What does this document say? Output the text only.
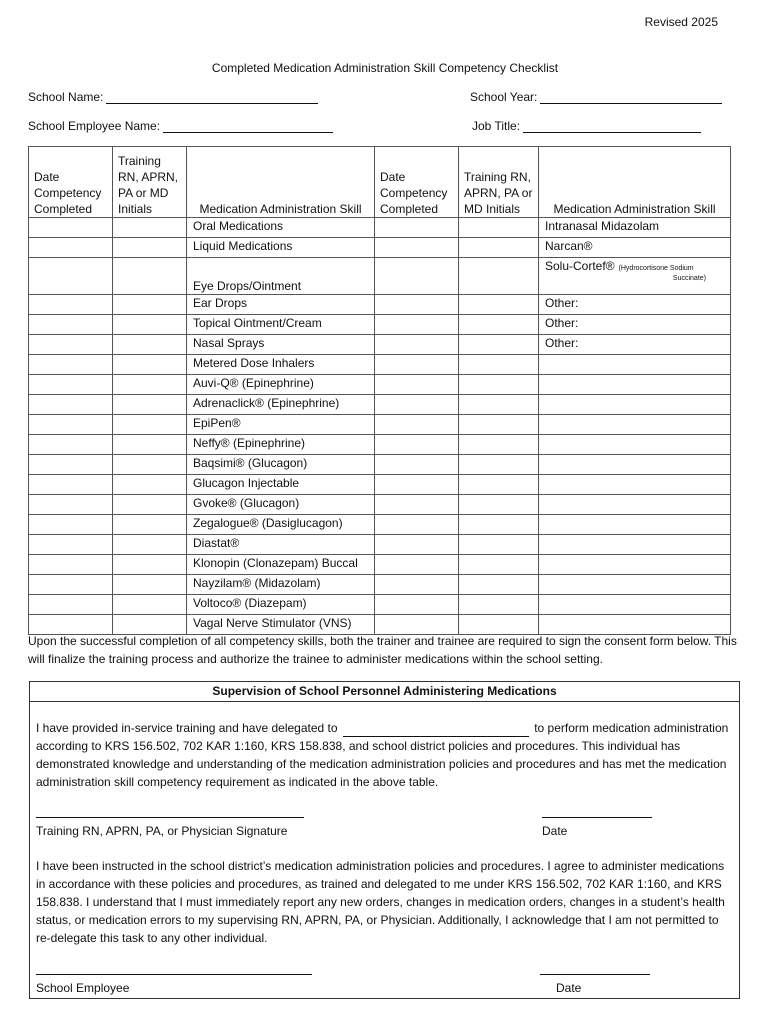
Revised 2025
Completed Medication Administration Skill Competency Checklist
School Name:	School Year:
School Employee Name:	Job Title:
Date Competency Completed	Training RN, APRN, PA or MD Initials	Medication Administration Skill	Date Competency Completed	Training RN, APRN, PA or MD Initials	Medication Administration Skill
		Oral Medications			Intranasal Midazolam
		Liquid Medications			Narcan®
		Eye Drops/Ointment			Solu-Cortef® (Hydrocortisone Sodium
Succinate)

		Ear Drops			Other:
		Topical Ointment/Cream			Other:
		Nasal Sprays			Other:
		Metered Dose Inhalers			
		Auvi-Q® (Epinephrine)			
		Adrenaclick® (Epinephrine)			
		EpiPen®			
		Neffy® (Epinephrine)			
		Baqsimi® (Glucagon)			
		Glucagon Injectable			
		Gvoke® (Glucagon)			
		Zegalogue® (Dasiglucagon)			
		Diastat®			
		Klonopin (Clonazepam) Buccal			
		Nayzilam® (Midazolam)			
		Voltoco® (Diazepam)			
		Vagal Nerve Stimulator (VNS)			
Upon the successful completion of all competency skills, both the trainer and trainee are required to sign the consent form below. This will finalize the training process and authorize the trainee to administer medications within the school setting.
Supervision of School Personnel Administering Medications
I have provided in-service training and have delegated to	to perform medication administration according to KRS 156.502, 702 KAR 1:160, KRS 158.838, and school district policies and procedures. This individual has demonstrated knowledge and understanding of the medication administration policies and procedures and has met the medication administration skill competency requirement as indicated in the above table.
Training RN, APRN, PA, or Physician Signature	Date
I have been instructed in the school district’s medication administration policies and procedures. I agree to administer medications in accordance with these policies and procedures, as trained and delegated to me under KRS 156.502, 702 KAR 1:160, and KRS 158.838. I understand that I must immediately report any new orders, changes in medication orders, changes in a student’s health status, or medication errors to my supervising RN, APRN, PA, or Physician. Additionally, I acknowledge that I am not permitted to re-delegate this task to any other individual.
School Employee	Date
